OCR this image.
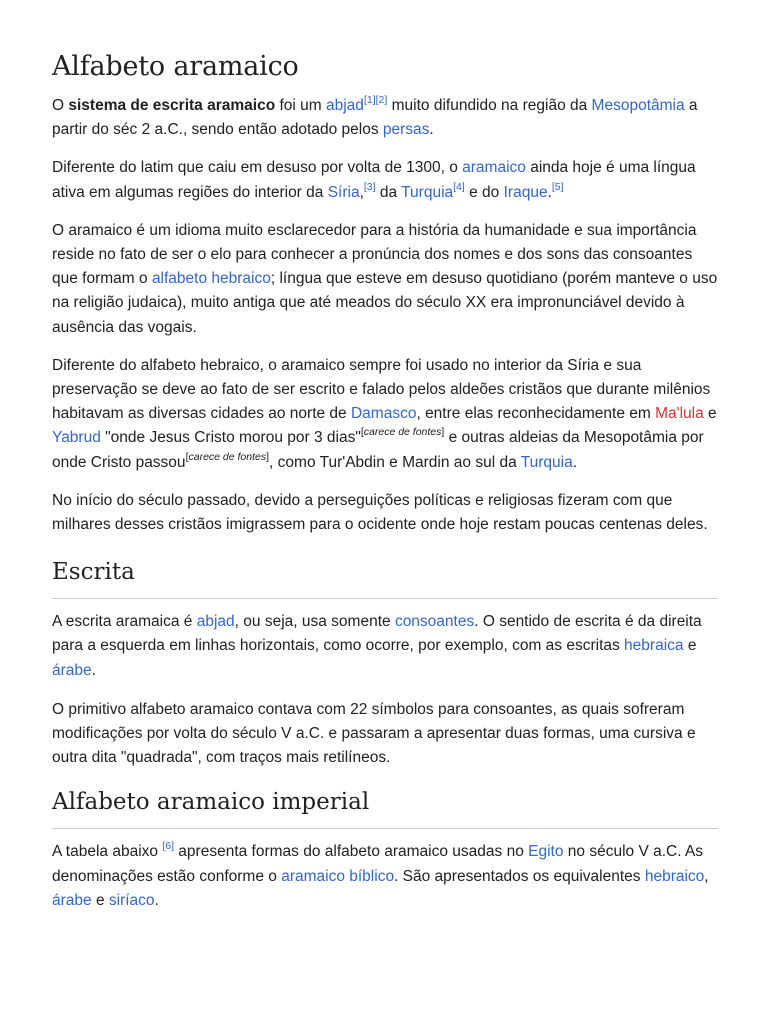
Alfabeto aramaico

O sistema de escrita aramaico foi um abjad[1][2] muito difundido na região da Mesopotâmia a partir do séc 2 a.C., sendo então adotado pelos persas.

Diferente do latim que caiu em desuso por volta de 1300, o aramaico ainda hoje é uma língua ativa em algumas regiões do interior da Síria,[3] da Turquia[4] e do Iraque.[5]

O aramaico é um idioma muito esclarecedor para a história da humanidade e sua importância reside no fato de ser o elo para conhecer a pronúncia dos nomes e dos sons das consoantes que formam o alfabeto hebraico; língua que esteve em desuso quotidiano (porém manteve o uso na religião judaica), muito antiga que até meados do século XX era impronunciável devido à ausência das vogais.

Diferente do alfabeto hebraico, o aramaico sempre foi usado no interior da Síria e sua preservação se deve ao fato de ser escrito e falado pelos aldeões cristãos que durante milênios habitavam as diversas cidades ao norte de Damasco, entre elas reconhecidamente em Ma'lula e Yabrud "onde Jesus Cristo morou por 3 dias"[carece de fontes] e outras aldeias da Mesopotâmia por onde Cristo passou[carece de fontes], como Tur'Abdin e Mardin ao sul da Turquia.

No início do século passado, devido a perseguições políticas e religiosas fizeram com que milhares desses cristãos imigrassem para o ocidente onde hoje restam poucas centenas deles.

Escrita

A escrita aramaica é abjad, ou seja, usa somente consoantes. O sentido de escrita é da direita para a esquerda em linhas horizontais, como ocorre, por exemplo, com as escritas hebraica e árabe.

O primitivo alfabeto aramaico contava com 22 símbolos para consoantes, as quais sofreram modificações por volta do século V a.C. e passaram a apresentar duas formas, uma cursiva e outra dita "quadrada", com traços mais retilíneos.

Alfabeto aramaico imperial

A tabela abaixo [6] apresenta formas do alfabeto aramaico usadas no Egito no século V a.C. As denominações estão conforme o aramaico bíblico. São apresentados os equivalentes hebraico, árabe e siríaco.
